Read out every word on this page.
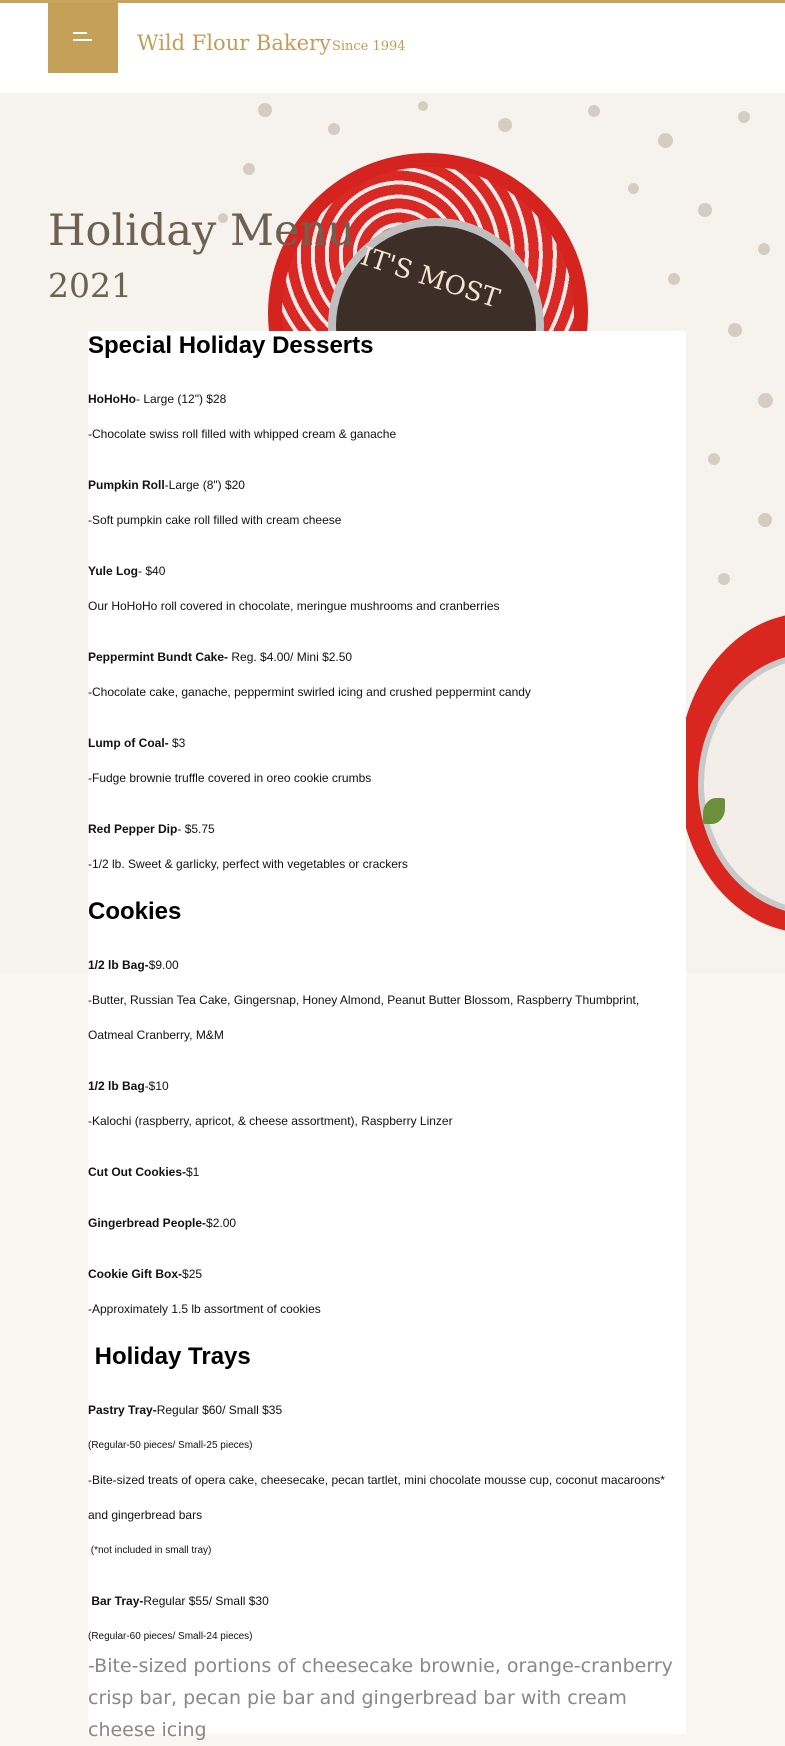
Wild Flour BakerySince 1994
IT'S MOST
Holiday Menu
2021
Special Holiday Desserts
HoHoHo- Large (12") $28
-Chocolate swiss roll filled with whipped cream & ganache
Pumpkin Roll-Large (8") $20
-Soft pumpkin cake roll filled with cream cheese
Yule Log- $40
Our HoHoHo roll covered in chocolate, meringue mushrooms and cranberries
Peppermint Bundt Cake- Reg. $4.00/ Mini $2.50
-Chocolate cake, ganache, peppermint swirled icing and crushed peppermint candy
Lump of Coal- $3
-Fudge brownie truffle covered in oreo cookie crumbs
Red Pepper Dip- $5.75
-1/2 lb. Sweet & garlicky, perfect with vegetables or crackers
Cookies
1/2 lb Bag-$9.00
-Butter, Russian Tea Cake, Gingersnap, Honey Almond, Peanut Butter Blossom, Raspberry Thumbprint,
Oatmeal Cranberry, M&M
1/2 lb Bag-$10
-Kalochi (raspberry, apricot, & cheese assortment), Raspberry Linzer
Cut Out Cookies-$1
Gingerbread People-$2.00
Cookie Gift Box-$25
-Approximately 1.5 lb assortment of cookies
Holiday Trays
Pastry Tray-Regular $60/ Small $35
(Regular-50 pieces/ Small-25 pieces)
-Bite-sized treats of opera cake, cheesecake, pecan tartlet, mini chocolate mousse cup, coconut macaroons*
and gingerbread bars
(*not included in small tray)
Bar Tray-Regular $55/ Small $30
(Regular-60 pieces/ Small-24 pieces)
-Bite-sized portions of cheesecake brownie, orange-cranberry crisp bar, pecan pie bar and gingerbread bar with cream cheese icing
